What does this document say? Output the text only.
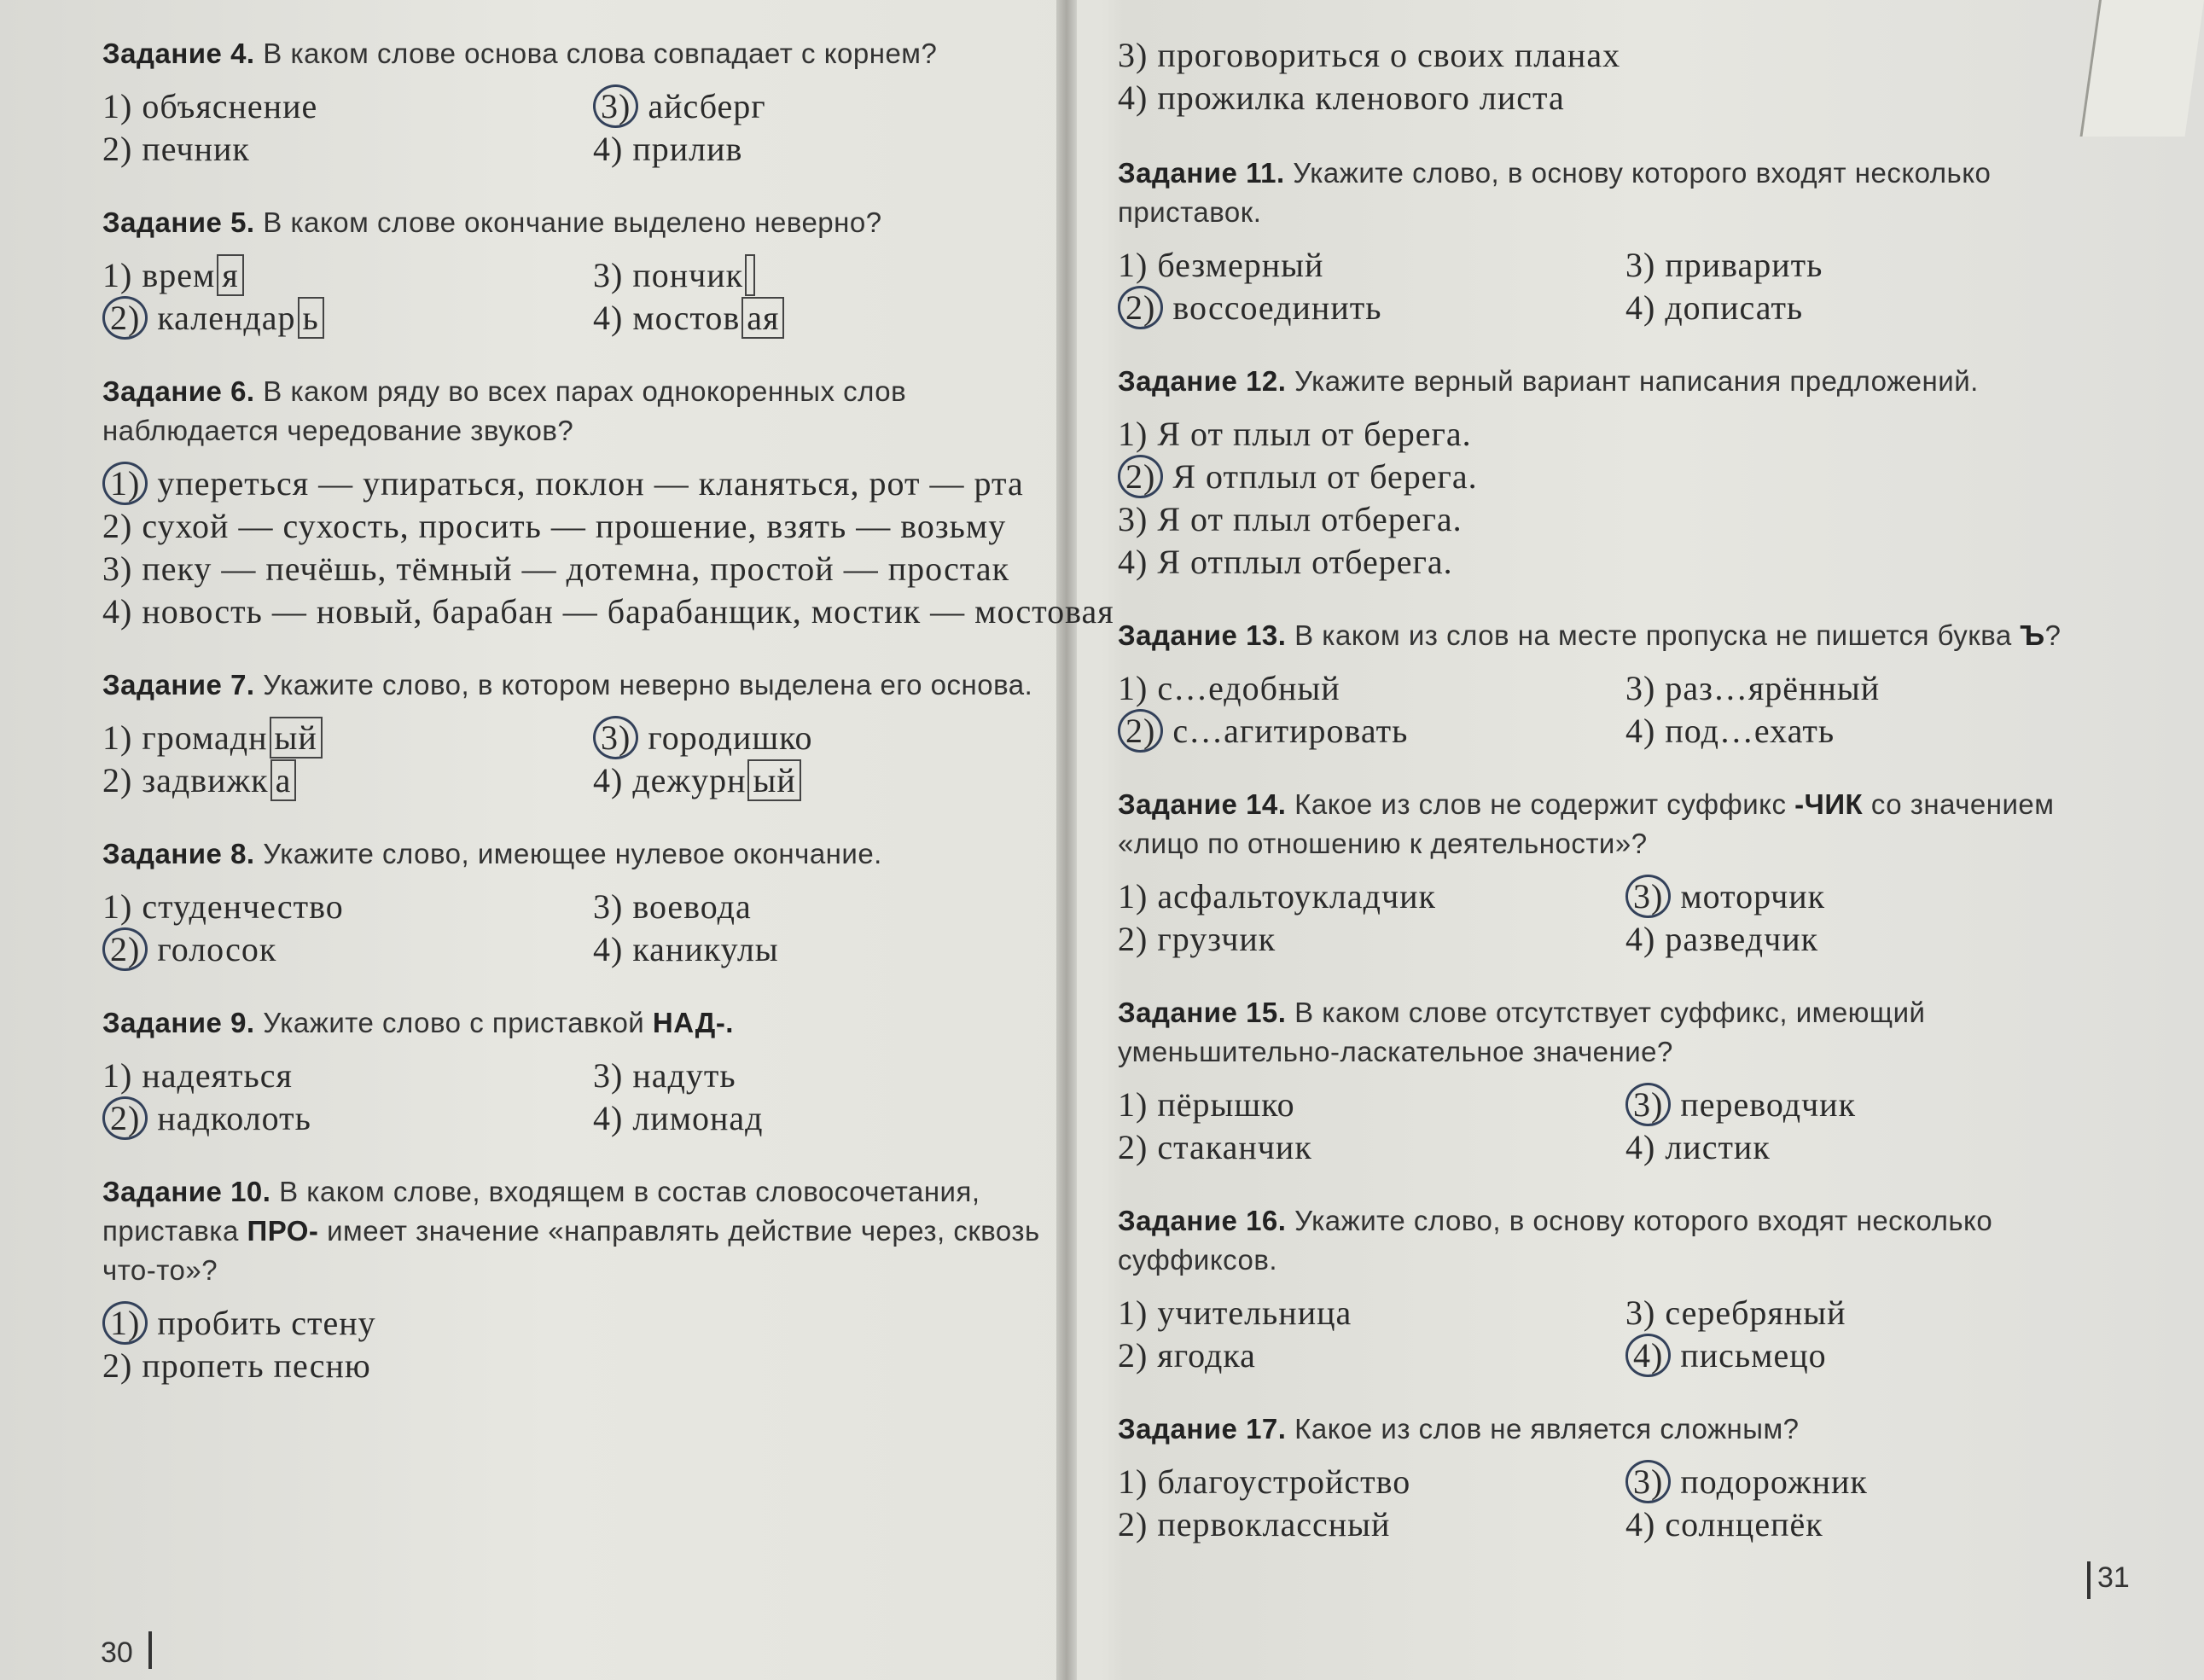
Задание 4. В каком слове основа слова совпадает с корнем?
1) объяснение	3) айсберг
2) печник	4) прилив
Задание 5. В каком слове окончание выделено неверно?
1) врем я	3) пончик
2) календар ь	4) мостов ая
Задание 6. В каком ряду во всех парах однокоренных слов наблюдается чередование звуков?
1) упереться — упираться, поклон — кланяться, рот — рта
2) сухой — сухость, просить — прошение, взять — возьму
3) пеку — печёшь, тёмный — дотемна, простой — простак
4) новость — новый, барабан — барабанщик, мостик — мостовая
Задание 7. Укажите слово, в котором неверно выделена его основа.
1) громадн ый	3) городишко
2) задвижк а	4) дежурн ый
Задание 8. Укажите слово, имеющее нулевое окончание.
1) студенчество	3) воевода
2) голосок	4) каникулы
Задание 9. Укажите слово с приставкой НАД-.
1) надеяться	3) надуть
2) надколоть	4) лимонад
Задание 10. В каком слове, входящем в состав словосочетания, приставка ПРО- имеет значение «направлять действие через, сквозь что-то»?
1) пробить стену
2) пропеть песню
3) проговориться о своих планах
4) прожилка кленового листа
Задание 11. Укажите слово, в основу которого входят несколько приставок.
1) безмерный	3) приварить
2) воссоединить	4) дописать
Задание 12. Укажите верный вариант написания предложений.
1) Я от плыл от берега.
2) Я отплыл от берега.
3) Я от плыл отберега.
4) Я отплыл отберега.
Задание 13. В каком из слов на месте пропуска не пишется буква Ъ?
1) с…едобный	3) раз…ярённый
2) с…агитировать	4) под…ехать
Задание 14. Какое из слов не содержит суффикс -ЧИК со значением «лицо по отношению к деятельности»?
1) асфальтоукладчик	3) моторчик
2) грузчик	4) разведчик
Задание 15. В каком слове отсутствует суффикс, имеющий уменьшительно-ласкательное значение?
1) пёрышко	3) переводчик
2) стаканчик	4) листик
Задание 16. Укажите слово, в основу которого входят несколько суффиксов.
1) учительница	3) серебряный
2) ягодка	4) письмецо
Задание 17. Какое из слов не является сложным?
1) благоустройство	3) подорожник
2) первоклассный	4) солнцепёк
30
31
